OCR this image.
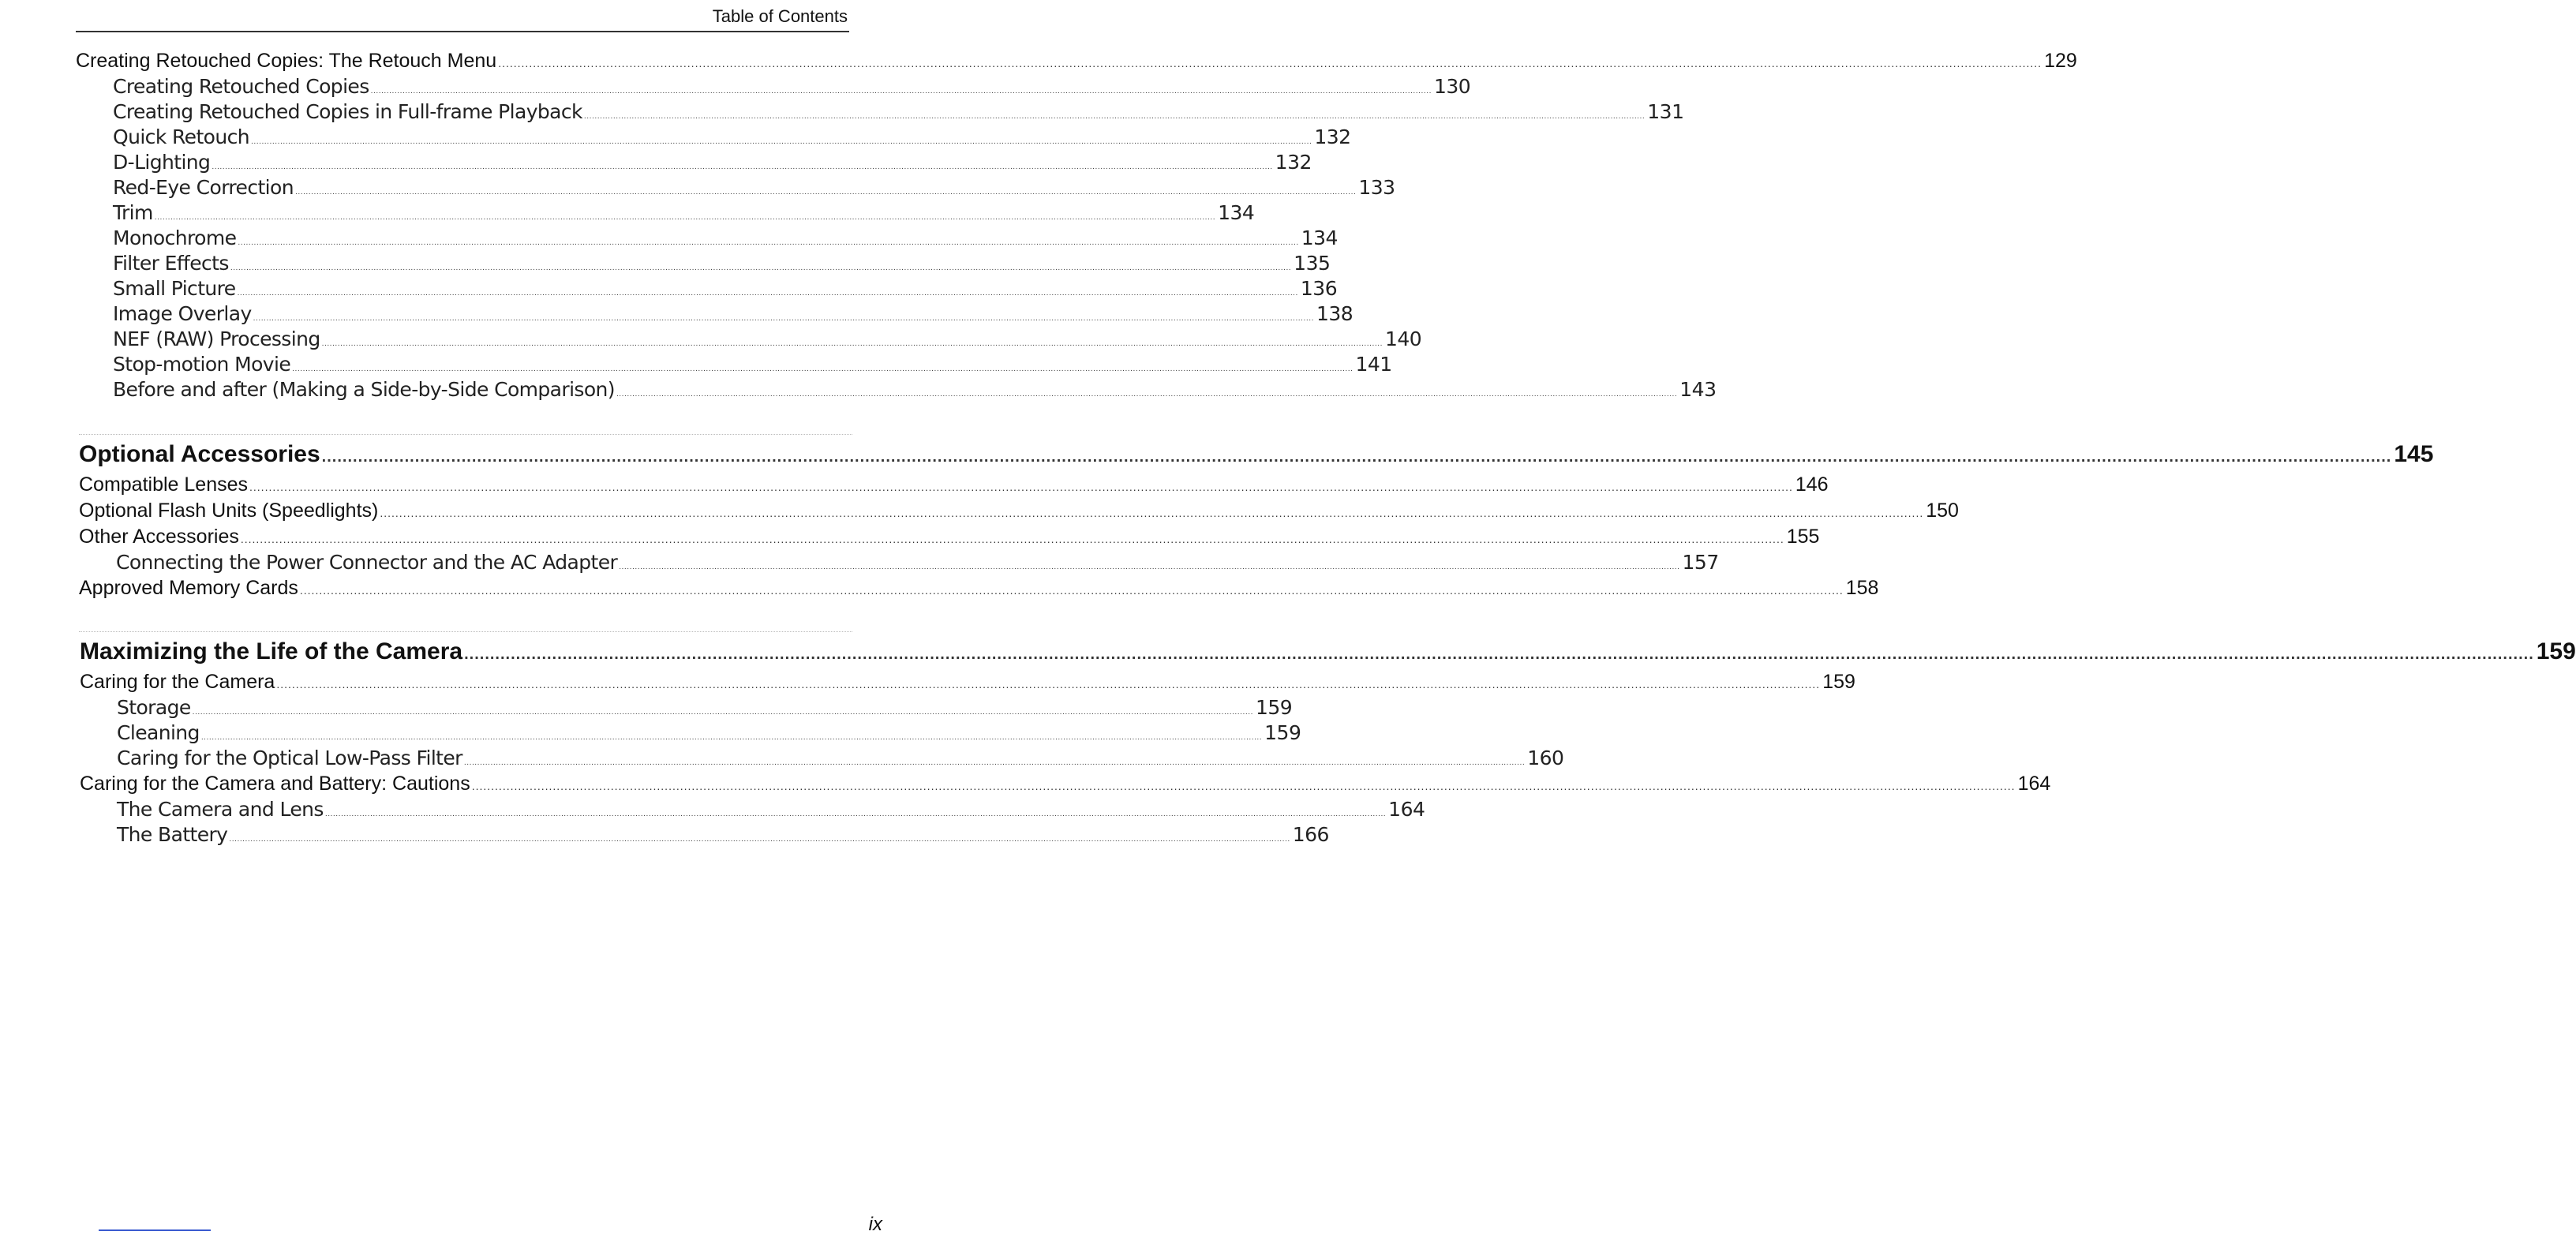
Table of Contents
Creating Retouched Copies: The Retouch Menu ................................................................................................................................................................................................................................................................................................................................................................................................................ 129
Creating Retouched Copies ................................................................................................................................................................................................................................................................................................................................................................................................................ 130
Creating Retouched Copies in Full-frame Playback ................................................................................................................................................................................................................................................................................................................................................................................................................ 131
Quick Retouch ................................................................................................................................................................................................................................................................................................................................................................................................................ 132
D-Lighting ................................................................................................................................................................................................................................................................................................................................................................................................................ 132
Red-Eye Correction ................................................................................................................................................................................................................................................................................................................................................................................................................ 133
Trim ................................................................................................................................................................................................................................................................................................................................................................................................................ 134
Monochrome ................................................................................................................................................................................................................................................................................................................................................................................................................ 134
Filter Effects ................................................................................................................................................................................................................................................................................................................................................................................................................ 135
Small Picture ................................................................................................................................................................................................................................................................................................................................................................................................................ 136
Image Overlay ................................................................................................................................................................................................................................................................................................................................................................................................................ 138
NEF (RAW) Processing ................................................................................................................................................................................................................................................................................................................................................................................................................ 140
Stop-motion Movie ................................................................................................................................................................................................................................................................................................................................................................................................................ 141
Before and after (Making a Side-by-Side Comparison) ................................................................................................................................................................................................................................................................................................................................................................................................................ 143
Optional Accessories ................................................................................................................................................................................................................................................................................................................................................................................................................ 145
Compatible Lenses ................................................................................................................................................................................................................................................................................................................................................................................................................ 146
Optional Flash Units (Speedlights) ................................................................................................................................................................................................................................................................................................................................................................................................................ 150
Other Accessories ................................................................................................................................................................................................................................................................................................................................................................................................................ 155
Connecting the Power Connector and the AC Adapter ................................................................................................................................................................................................................................................................................................................................................................................................................ 157
Approved Memory Cards ................................................................................................................................................................................................................................................................................................................................................................................................................ 158
Maximizing the Life of the Camera ................................................................................................................................................................................................................................................................................................................................................................................................................ 159
Caring for the Camera ................................................................................................................................................................................................................................................................................................................................................................................................................ 159
Storage ................................................................................................................................................................................................................................................................................................................................................................................................................ 159
Cleaning ................................................................................................................................................................................................................................................................................................................................................................................................................ 159
Caring for the Optical Low-Pass Filter ................................................................................................................................................................................................................................................................................................................................................................................................................ 160
Caring for the Camera and Battery: Cautions ................................................................................................................................................................................................................................................................................................................................................................................................................ 164
The Camera and Lens ................................................................................................................................................................................................................................................................................................................................................................................................................ 164
The Battery ................................................................................................................................................................................................................................................................................................................................................................................................................ 166
ix
